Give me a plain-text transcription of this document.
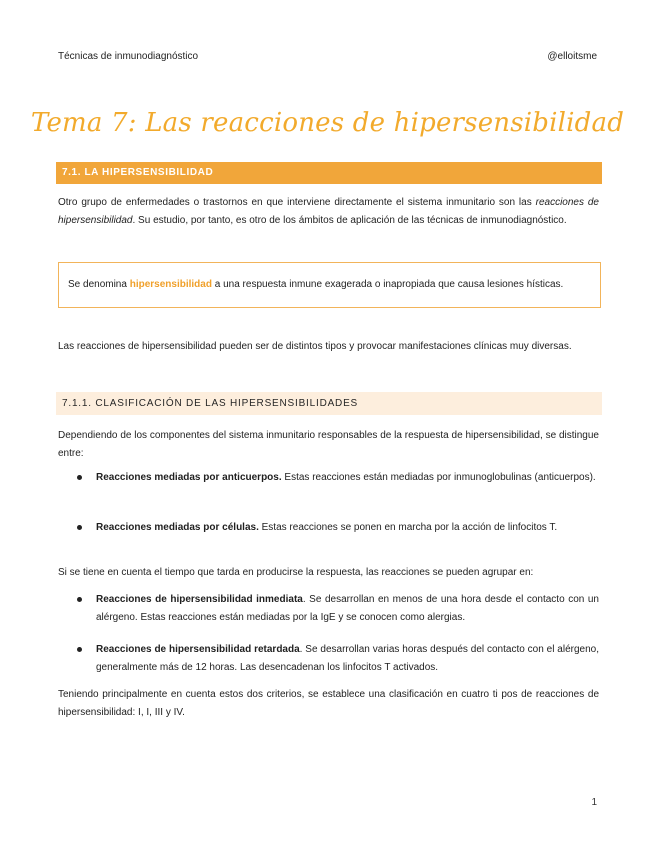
Técnicas de inmunodiagnóstico	@elloitsme
Tema 7: Las reacciones de hipersensibilidad
7.1. LA HIPERSENSIBILIDAD

Otro grupo de enfermedades o trastornos en que interviene directamente el sistema inmunitario son las reacciones de hipersensibilidad. Su estudio, por tanto, es otro de los ámbitos de aplicación de las técnicas de inmunodiagnóstico.

Se denomina hipersensibilidad a una respuesta inmune exagerada o inapropiada que causa lesiones hísticas.

Las reacciones de hipersensibilidad pueden ser de distintos tipos y provocar manifestaciones clínicas muy diversas.

7.1.1. CLASIFICACIÓN DE LAS HIPERSENSIBILIDADES

Dependiendo de los componentes del sistema inmunitario responsables de la respuesta de hipersensibilidad, se distingue entre:

Reacciones mediadas por anticuerpos. Estas reacciones están mediadas por inmunoglobulinas (anticuerpos).

Reacciones mediadas por células. Estas reacciones se ponen en marcha por la acción de linfocitos T.

Si se tiene en cuenta el tiempo que tarda en producirse la respuesta, las reacciones se pueden agrupar en:

Reacciones de hipersensibilidad inmediata. Se desarrollan en menos de una hora desde el contacto con un alérgeno. Estas reacciones están mediadas por la IgE y se conocen como alergias.

Reacciones de hipersensibilidad retardada. Se desarrollan varias horas después del contacto con el alérgeno, generalmente más de 12 horas. Las desencadenan los linfocitos T activados.

Teniendo principalmente en cuenta estos dos criterios, se establece una clasificación en cuatro ti pos de reacciones de hipersensibilidad: I, I, III y IV.

1
